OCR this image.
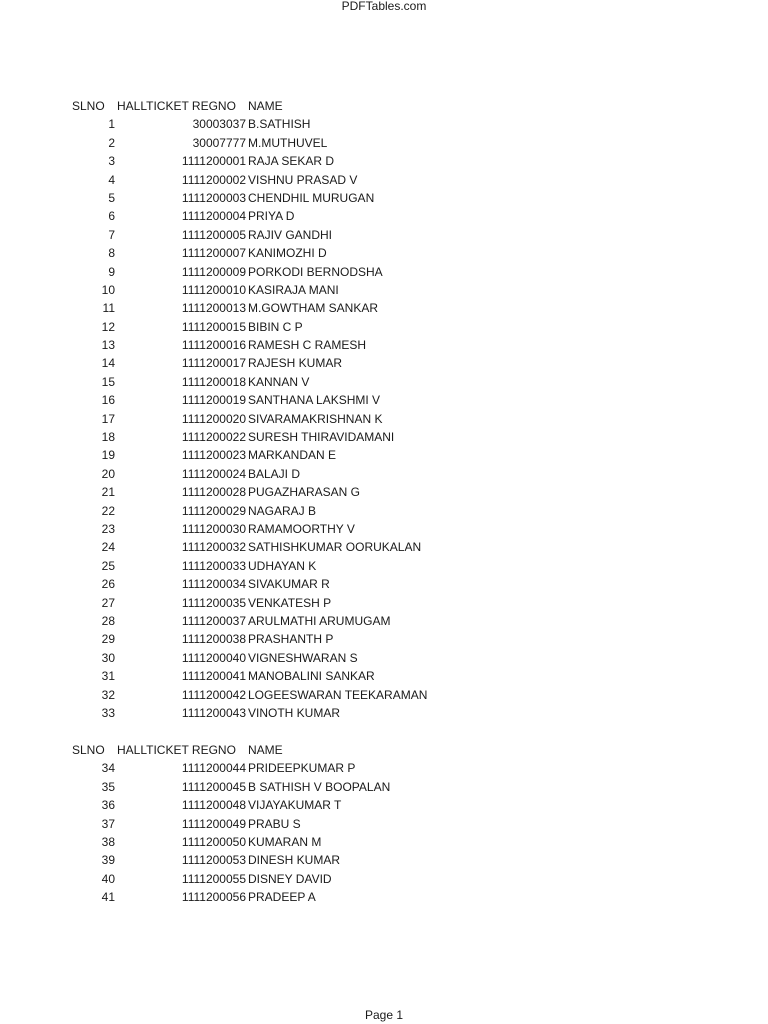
PDFTables.com
SLNO HALLTICKET REGNO NAME
1	30003037 B.SATHISH
2	30007777 M.MUTHUVEL
3	1111200001 RAJA SEKAR D
4	1111200002 VISHNU PRASAD V
5	1111200003 CHENDHIL MURUGAN
6	1111200004 PRIYA D
7	1111200005 RAJIV GANDHI
8	1111200007 KANIMOZHI D
9	1111200009 PORKODI BERNODSHA
10	1111200010 KASIRAJA MANI
11	1111200013 M.GOWTHAM SANKAR
12	1111200015 BIBIN C P
13	1111200016 RAMESH C RAMESH
14	1111200017 RAJESH KUMAR
15	1111200018 KANNAN V
16	1111200019 SANTHANA LAKSHMI V
17	1111200020 SIVARAMAKRISHNAN K
18	1111200022 SURESH THIRAVIDAMANI
19	1111200023 MARKANDAN E
20	1111200024 BALAJI D
21	1111200028 PUGAZHARASAN G
22	1111200029 NAGARAJ B
23	1111200030 RAMAMOORTHY V
24	1111200032 SATHISHKUMAR OORUKALAN
25	1111200033 UDHAYAN K
26	1111200034 SIVAKUMAR R
27	1111200035 VENKATESH P
28	1111200037 ARULMATHI ARUMUGAM
29	1111200038 PRASHANTH P
30	1111200040 VIGNESHWARAN S
31	1111200041 MANOBALINI SANKAR
32	1111200042 LOGEESWARAN TEEKARAMAN
33	1111200043 VINOTH KUMAR
SLNO HALLTICKET REGNO NAME
34	1111200044 PRIDEEPKUMAR P
35	1111200045 B SATHISH V BOOPALAN
36	1111200048 VIJAYAKUMAR T
37	1111200049 PRABU S
38	1111200050 KUMARAN M
39	1111200053 DINESH KUMAR
40	1111200055 DISNEY DAVID
41	1111200056 PRADEEP A
Page 1
